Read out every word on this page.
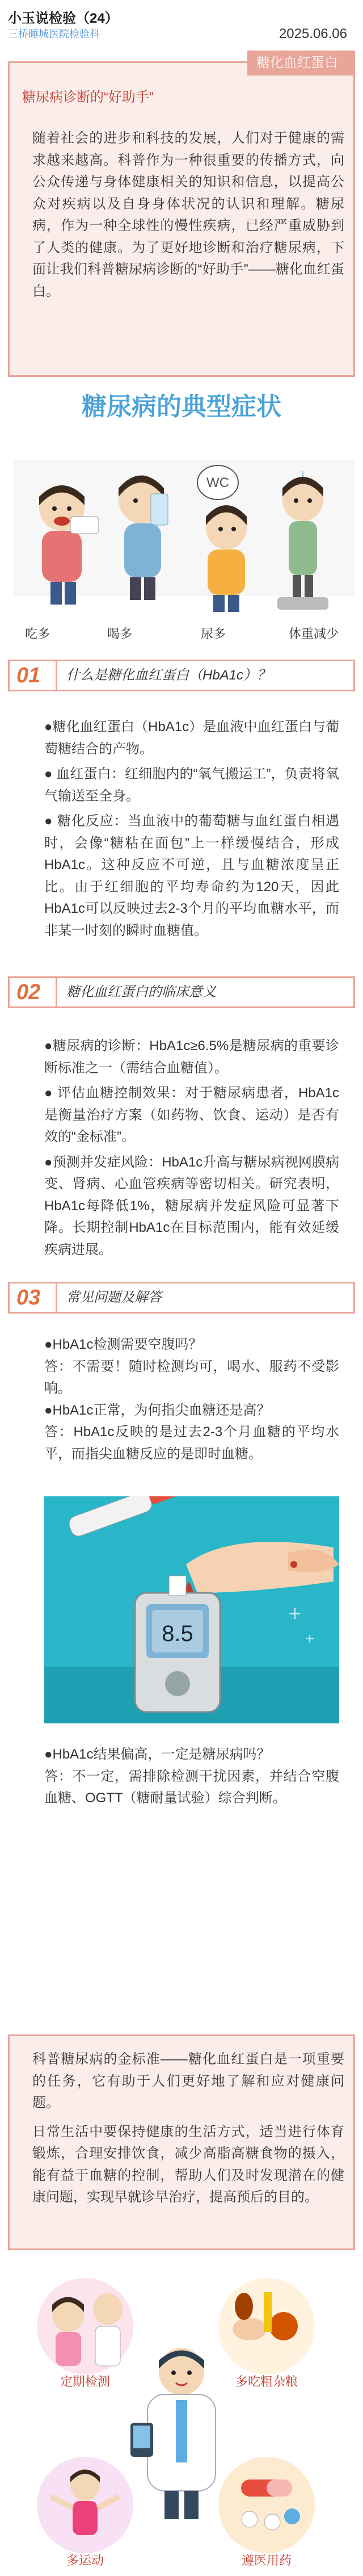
小玉说检验（24）
三桥睡城医院检验科	2025.06.06
糖化血红蛋白
糖尿病诊断的“好助手”
随着社会的进步和科技的发展，人们对于健康的需求越来越高。科普作为一种很重要的传播方式，向公众传递与身体健康相关的知识和信息，以提高公众对疾病以及自身身体状况的认识和理解。糖尿病，作为一种全球性的慢性疾病，已经严重威胁到了人类的健康。为了更好地诊断和治疗糖尿病，下面让我们科普糖尿病诊断的“好助手”——糖化血红蛋白。
糖尿病的典型症状
WC
↓
吃多	喝多	尿多	体重减少
01	什么是糖化血红蛋白（HbA1c）？

●糖化血红蛋白（HbA1c）是血液中血红蛋白与葡萄糖结合的产物。

● 血红蛋白：红细胞内的“氧气搬运工”，负责将氧气输送至全身。

● 糖化反应：当血液中的葡萄糖与血红蛋白相遇时，会像“糖粘在面包”上一样缓慢结合，形成HbA1c。这种反应不可逆，且与血糖浓度呈正比。由于红细胞的平均寿命约为120天，因此HbA1c可以反映过去2-3个月的平均血糖水平，而非某一时刻的瞬时血糖值。

02	糖化血红蛋白的临床意义

●糖尿病的诊断：HbA1c≥6.5%是糖尿病的重要诊断标准之一（需结合血糖值）。

● 评估血糖控制效果：对于糖尿病患者，HbA1c是衡量治疗方案（如药物、饮食、运动）是否有效的“金标准”。

●预测并发症风险：HbA1c升高与糖尿病视网膜病变、肾病、心血管疾病等密切相关。研究表明，HbA1c每降低1%，糖尿病并发症风险可显著下降。长期控制HbA1c在目标范围内，能有效延缓疾病进展。

03	常见问题及解答

●HbA1c检测需要空腹吗？

答：不需要！随时检测均可，喝水、服药不受影响。

●HbA1c正常，为何指尖血糖还是高？

答：HbA1c反映的是过去2-3个月血糖的平均水平，而指尖血糖反应的是即时血糖。

8.5
+
+

●HbA1c结果偏高，一定是糖尿病吗？

答：不一定，需排除检测干扰因素，并结合空腹血糖、OGTT（糖耐量试验）综合判断。

科普糖尿病的金标准——糖化血红蛋白是一项重要的任务，它有助于人们更好地了解和应对健康问题。

日常生活中要保持健康的生活方式，适当进行体育锻炼，合理安排饮食，减少高脂高糖食物的摄入，能有益于血糖的控制，帮助人们及时发现潜在的健康问题，实现早就诊早治疗，提高预后的目的。

定期检测	多吃粗杂粮
多运动	遵医用药
